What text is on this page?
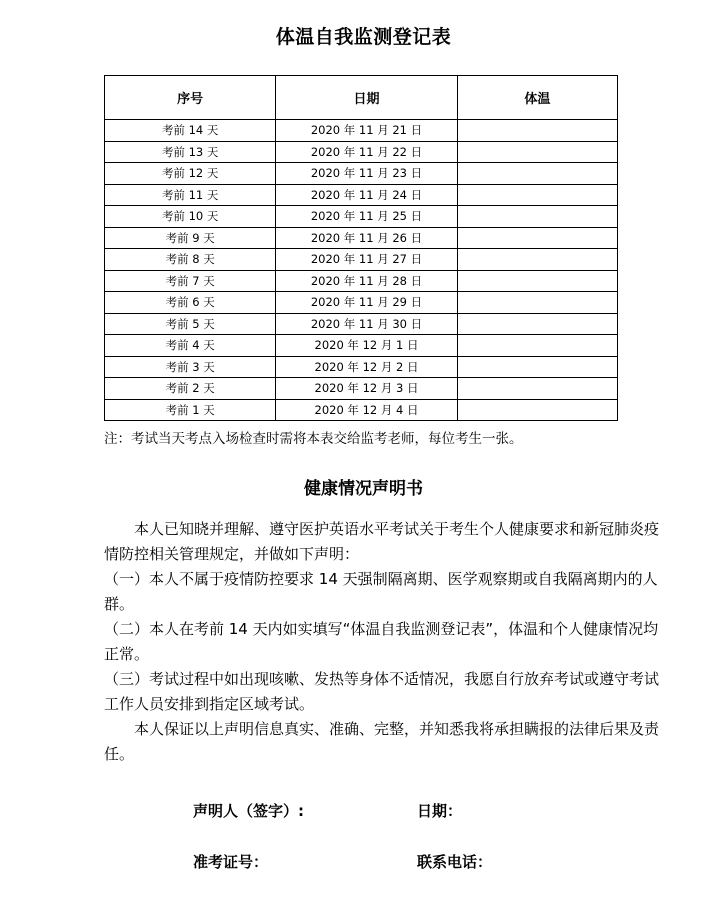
体温自我监测登记表
序号	日期	体温
考前 14 天	2020 年 11 月 21 日	
考前 13 天	2020 年 11 月 22 日	
考前 12 天	2020 年 11 月 23 日	
考前 11 天	2020 年 11 月 24 日	
考前 10 天	2020 年 11 月 25 日	
考前 9 天	2020 年 11 月 26 日	
考前 8 天	2020 年 11 月 27 日	
考前 7 天	2020 年 11 月 28 日	
考前 6 天	2020 年 11 月 29 日	
考前 5 天	2020 年 11 月 30 日	
考前 4 天	2020 年 12 月 1 日	
考前 3 天	2020 年 12 月 2 日	
考前 2 天	2020 年 12 月 3 日	
考前 1 天	2020 年 12 月 4 日	
注：考试当天考点入场检查时需将本表交给监考老师，每位考生一张。
健康情况声明书

本人已知晓并理解、遵守医护英语水平考试关于考生个人健康要求和新冠肺炎疫情防控相关管理规定，并做如下声明：

（一）本人不属于疫情防控要求 14 天强制隔离期、医学观察期或自我隔离期内的人群。

（二）本人在考前 14 天内如实填写“体温自我监测登记表”，体温和个人健康情况均正常。

（三）考试过程中如出现咳嗽、发热等身体不适情况，我愿自行放弃考试或遵守考试工作人员安排到指定区域考试。

本人保证以上声明信息真实、准确、完整，并知悉我将承担瞒报的法律后果及责任。

声明人（签字）:	日期：
准考证号：	联系电话：
